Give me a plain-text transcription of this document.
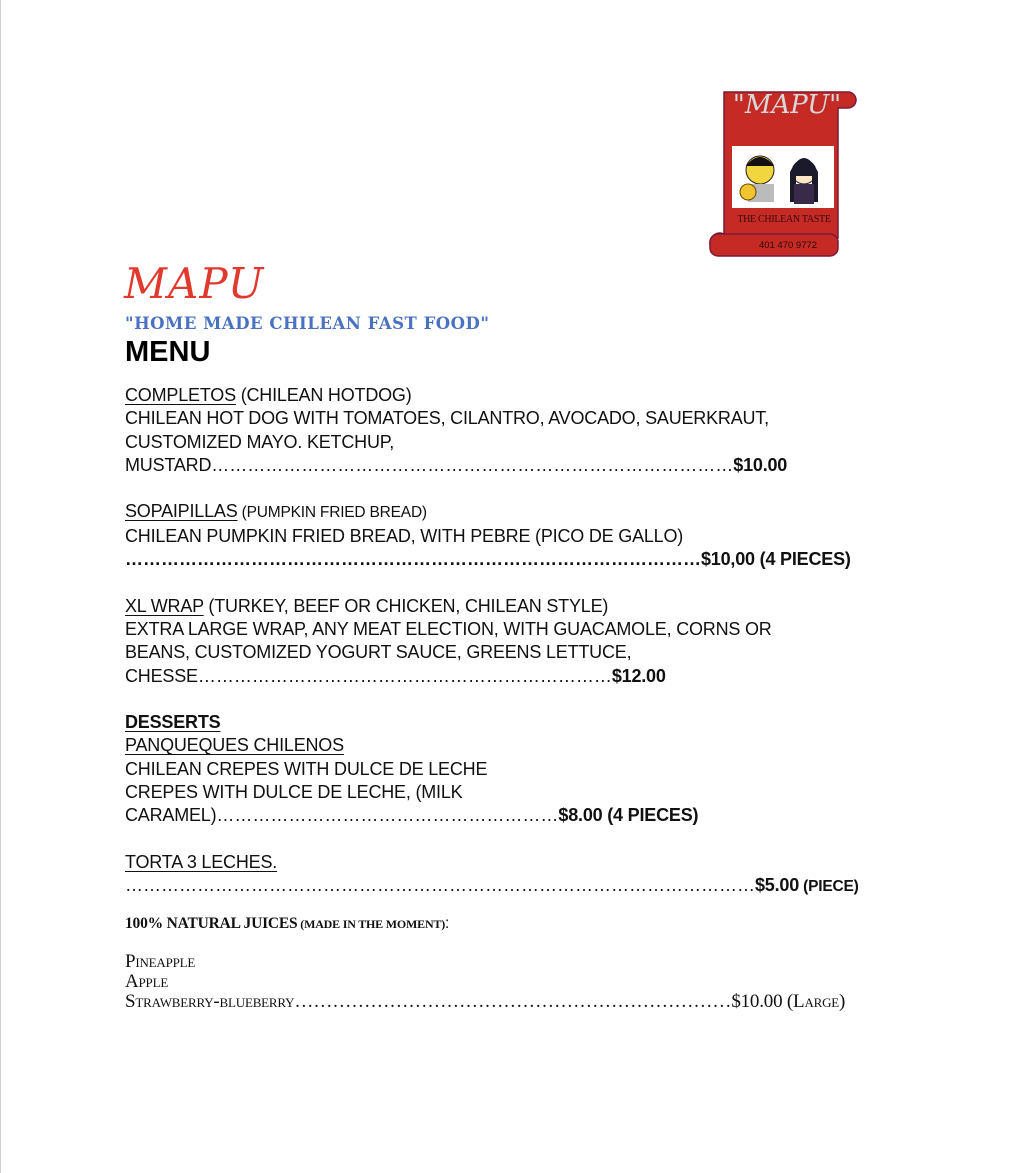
"MAPU"
THE CHILEAN TASTE
401 470 9772
MAPU
"HOME MADE CHILEAN FAST FOOD"
MENU
COMPLETOS (CHILEAN HOTDOG)
CHILEAN HOT DOG WITH TOMATOES, CILANTRO, AVOCADO, SAUERKRAUT,
CUSTOMIZED MAYO. KETCHUP,
MUSTARD……………………………………………………………………………$10.00
SOPAIPILLAS (PUMPKIN FRIED BREAD)
CHILEAN PUMPKIN FRIED BREAD, WITH PEBRE (PICO DE GALLO)
……………………………………………………………………………………$10,00 (4 PIECES)
XL WRAP (TURKEY, BEEF OR CHICKEN, CHILEAN STYLE)
EXTRA LARGE WRAP, ANY MEAT ELECTION, WITH GUACAMOLE, CORNS OR
BEANS, CUSTOMIZED YOGURT SAUCE, GREENS LETTUCE,
CHESSE……………………………………………………………$12.00
DESSERTS
PANQUEQUES CHILENOS
CHILEAN CREPES WITH DULCE DE LECHE
CREPES WITH DULCE DE LECHE, (MILK
CARAMEL)…………………………………………………$8.00 (4 PIECES)
TORTA 3 LECHES.
……………………………………………………………………………………………$5.00 (PIECE)
100% NATURAL JUICES (MADE IN THE MOMENT):
Pineapple
Apple
Strawberry-blueberry……………………………………………………………$10.00 (Large)
